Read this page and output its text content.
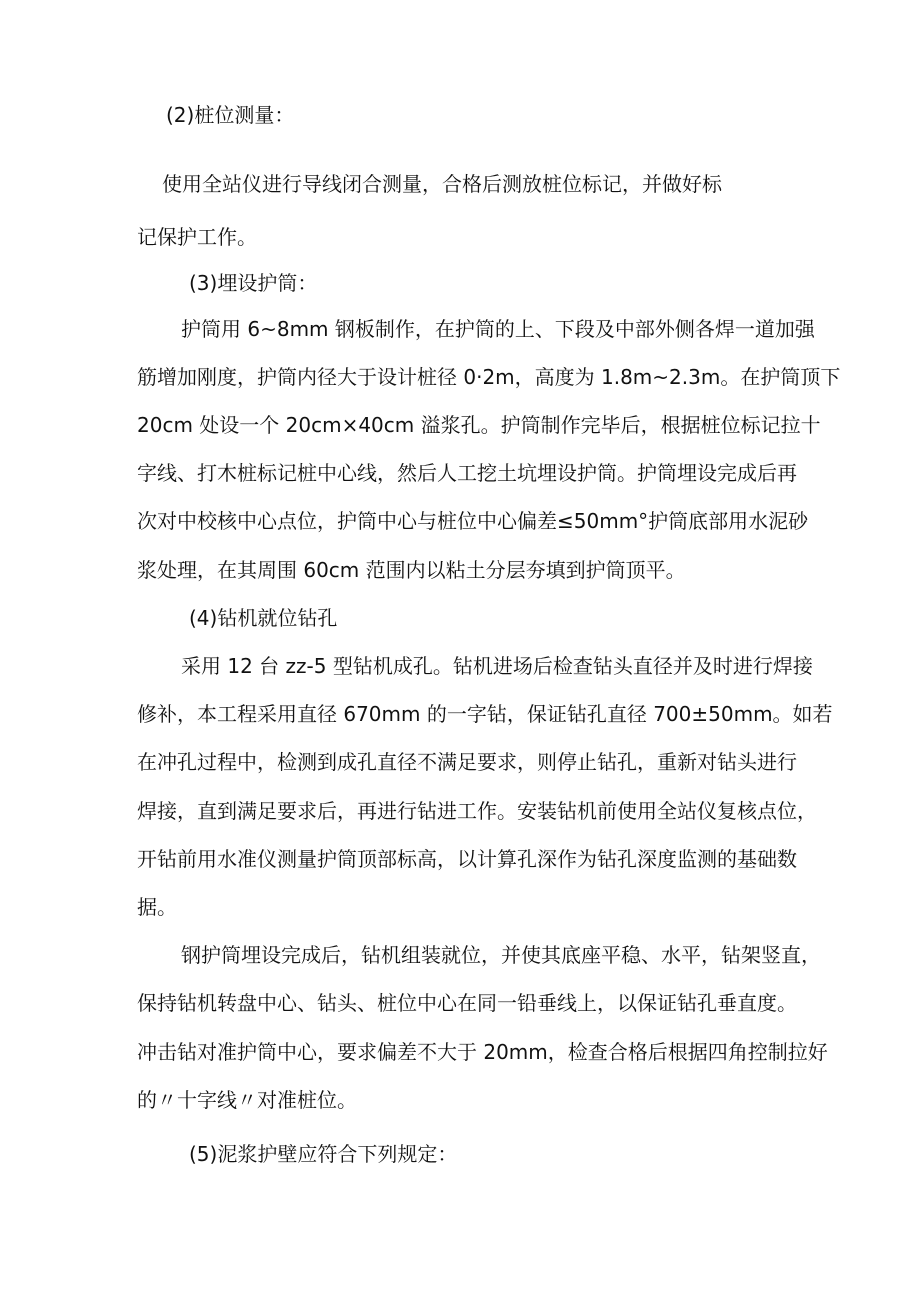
(2)桩位测量：
使用全站仪进行导线闭合测量，合格后测放桩位标记，并做好标
记保护工作。
(3)埋设护筒：
护筒用 6~8mm 钢板制作，在护筒的上、下段及中部外侧各焊一道加强
筋增加刚度，护筒内径大于设计桩径 0·2m，高度为 1.8m~2.3m。在护筒顶下
20cm 处设一个 20cm×40cm 溢浆孔。护筒制作完毕后，根据桩位标记拉十
字线、打木桩标记桩中心线，然后人工挖土坑埋设护筒。护筒埋设完成后再
次对中校核中心点位，护筒中心与桩位中心偏差≤50mm°护筒底部用水泥砂
浆处理，在其周围 60cm 范围内以粘土分层夯填到护筒顶平。
(4)钻机就位钻孔
采用 12 台 zz-5 型钻机成孔。钻机进场后检查钻头直径并及时进行焊接
修补，本工程采用直径 670mm 的一字钻，保证钻孔直径 700±50mm。如若
在冲孔过程中，检测到成孔直径不满足要求，则停止钻孔，重新对钻头进行
焊接，直到满足要求后，再进行钻进工作。安装钻机前使用全站仪复核点位，
开钻前用水准仪测量护筒顶部标高，以计算孔深作为钻孔深度监测的基础数
据。
钢护筒埋设完成后，钻机组装就位，并使其底座平稳、水平，钻架竖直，
保持钻机转盘中心、钻头、桩位中心在同一铅垂线上，以保证钻孔垂直度。
冲击钻对准护筒中心，要求偏差不大于 20mm，检查合格后根据四角控制拉好
的〃十字线〃对准桩位。
(5)泥浆护壁应符合下列规定：
